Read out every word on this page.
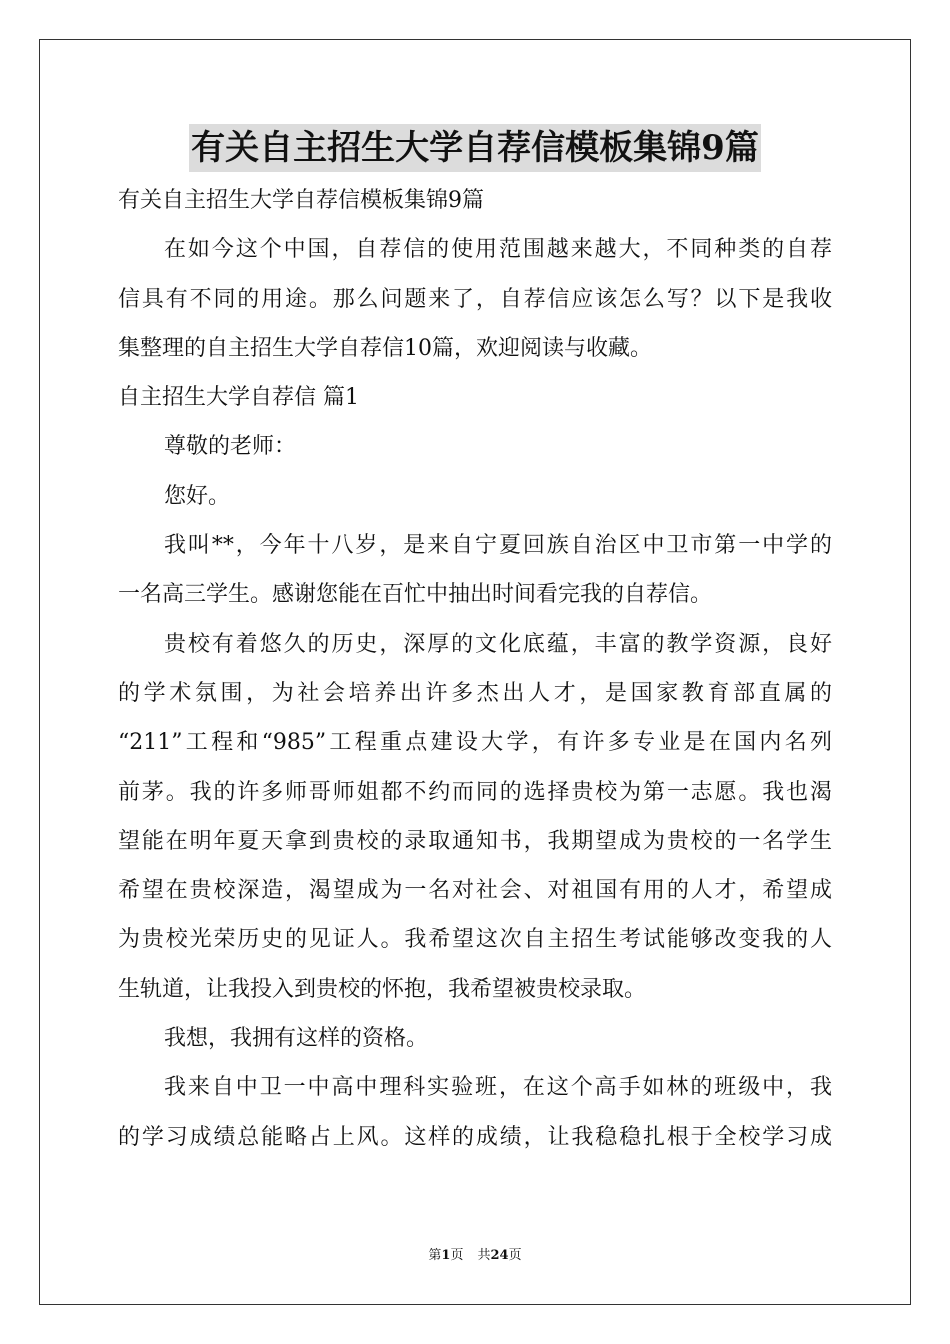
有关自主招生大学自荐信模板集锦9篇
有关自主招生大学自荐信模板集锦9篇
在如今这个中国，自荐信的使用范围越来越大，不同种类的自荐
信具有不同的用途。那么问题来了，自荐信应该怎么写？以下是我收
集整理的自主招生大学自荐信10篇，欢迎阅读与收藏。
自主招生大学自荐信 篇1
尊敬的老师：
您好。
我叫**，今年十八岁，是来自宁夏回族自治区中卫市第一中学的
一名高三学生。感谢您能在百忙中抽出时间看完我的自荐信。
贵校有着悠久的历史，深厚的文化底蕴，丰富的教学资源，良好
的学术氛围，为社会培养出许多杰出人才，是国家教育部直属的
“211”工程和“985”工程重点建设大学，有许多专业是在国内名列
前茅。我的许多师哥师姐都不约而同的选择贵校为第一志愿。我也渴
望能在明年夏天拿到贵校的录取通知书，我期望成为贵校的一名学生
希望在贵校深造，渴望成为一名对社会、对祖国有用的人才，希望成
为贵校光荣历史的见证人。我希望这次自主招生考试能够改变我的人
生轨道，让我投入到贵校的怀抱，我希望被贵校录取。
我想，我拥有这样的资格。
我来自中卫一中高中理科实验班，在这个高手如林的班级中，我
的学习成绩总能略占上风。这样的成绩，让我稳稳扎根于全校学习成
第1页 共24页
